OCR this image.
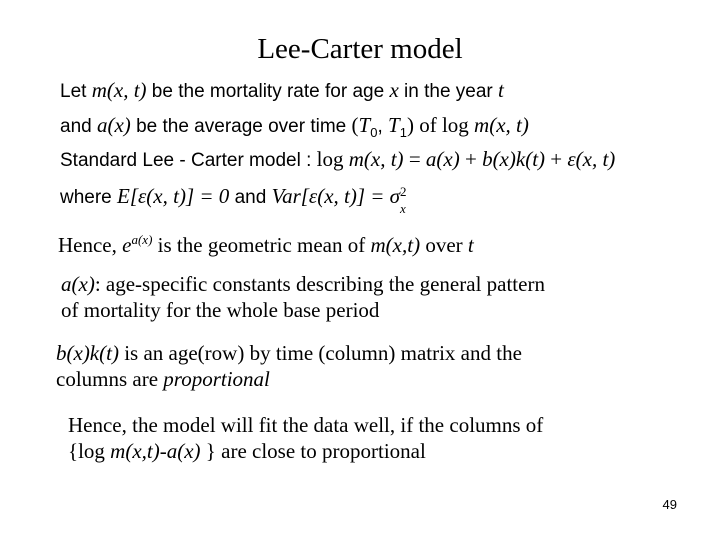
Lee-Carter model
Let m(x, t) be the mortality rate for age x in the year t
and a(x) be the average over time ($T_0$, $T_1$) of log m(x, t)
Standard Lee - Carter model : log m(x, t) = a(x) + b(x)k(t) + ε(x, t)
where E[ε(x, t)] = 0 and Var[ε(x, t)] = σ 2
x
Hence, $e^{a(x)}$ is the geometric mean of m(x,t) over t
a(x): age-specific constants describing the general pattern
of mortality for the whole base period
b(x)k(t) is an age(row) by time (column) matrix and the
columns are proportional
Hence, the model will fit the data well, if the columns of
{log m(x,t)-a(x) } are close to proportional
49
